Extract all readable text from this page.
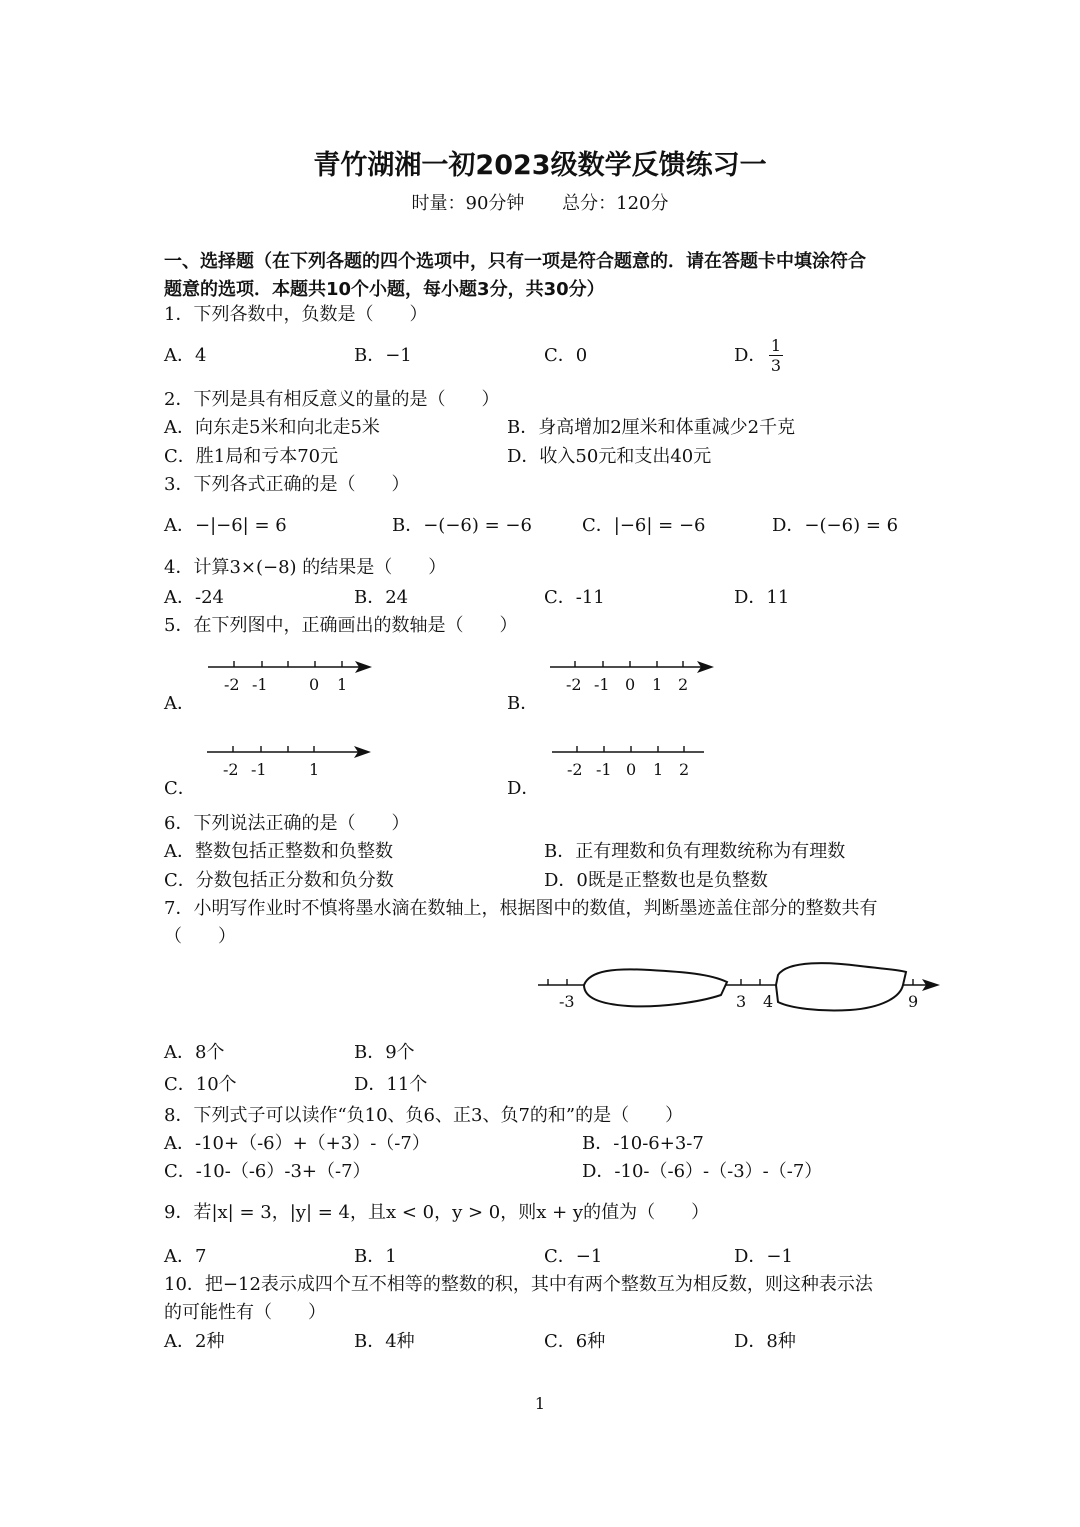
青竹湖湘一初2023级数学反馈练习一
时量：90分钟 总分：120分
一、选择题（在下列各题的四个选项中，只有一项是符合题意的．请在答题卡中填涂符合
题意的选项．本题共10个小题，每小题3分，共30分）
1．下列各数中，负数是（　　）
A．4	B．−1	C．0	D． 1
3
2．下列是具有相反意义的量的是（　　）
A．向东走5米和向北走5米	B．身高增加2厘米和体重减少2千克
C．胜1局和亏本70元	D．收入50元和支出40元
3．下列各式正确的是（　　）
A．−|−6| = 6	B．−(−6) = −6	C．|−6| = −6	D．−(−6) = 6
4．计算3×(−8) 的结果是（　　）
A．-24	B．24	C．-11	D．11
5．在下列图中，正确画出的数轴是（　　）
A．	B．
C．	D．
-2 -1	0 1	-2 -1 0 1 2
-2 -1	1	-2 -1 0 1 2
-3	3 4	9
6．下列说法正确的是（　　）
A．整数包括正整数和负整数	B．正有理数和负有理数统称为有理数
C．分数包括正分数和负分数	D．0既是正整数也是负整数
7．小明写作业时不慎将墨水滴在数轴上，根据图中的数值，判断墨迹盖住部分的整数共有
（　　）
A．8个	B．9个
C．10个	D．11个
8．下列式子可以读作“负10、负6、正3、负7的和”的是（　　）
A．-10+（-6）+（+3）-（-7）	B．-10-6+3-7
C．-10-（-6）-3+（-7）	D．-10-（-6）-（-3）-（-7）
9．若|x| = 3，|y| = 4，且x < 0，y > 0，则x + y的值为（　　）
A．7	B．1	C．−1	D．−1
10．把−12表示成四个互不相等的整数的积，其中有两个整数互为相反数，则这种表示法
的可能性有（　　）
A．2种	B．4种	C．6种	D．8种
1
